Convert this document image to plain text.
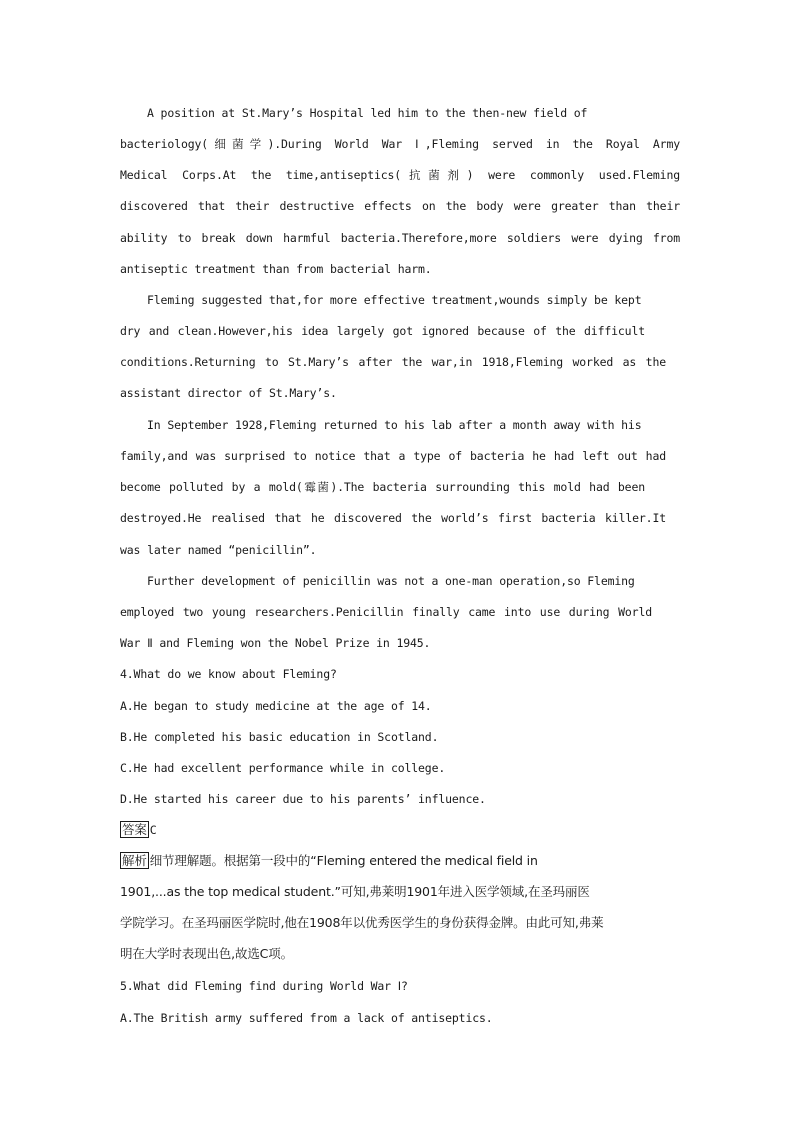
A position at St.Mary’s Hospital led him to the then-new field of
bacteriology(细菌学).During World War Ⅰ,Fleming served in the Royal Army
Medical Corps.At the time,antiseptics(抗菌剂) were commonly used.Fleming
discovered that their destructive effects on the body were greater than their
ability to break down harmful bacteria.Therefore,more soldiers were dying from
antiseptic treatment than from bacterial harm.
Fleming suggested that,for more effective treatment,wounds simply be kept
dry and clean.However,his idea largely got ignored because of the difficult
conditions.Returning to St.Mary’s after the war,in 1918,Fleming worked as the
assistant director of St.Mary’s.
In September 1928,Fleming returned to his lab after a month away with his
family,and was surprised to notice that a type of bacteria he had left out had
become polluted by a mold(霉菌).The bacteria surrounding this mold had been
destroyed.He realised that he discovered the world’s first bacteria killer.It
was later named “penicillin”.
Further development of penicillin was not a one-man operation,so Fleming
employed two young researchers.Penicillin finally came into use during World
War Ⅱ and Fleming won the Nobel Prize in 1945.
4.What do we know about Fleming?
A.He began to study medicine at the age of 14.
B.He completed his basic education in Scotland.
C.He had excellent performance while in college.
D.He started his career due to his parents’ influence.
答案 C
解析 细节理解题。根据第一段中的“Fleming entered the medical field in
1901,...as the top medical student.”可知,弗莱明1901年进入医学领域,在圣玛丽医
学院学习。在圣玛丽医学院时,他在1908年以优秀医学生的身份获得金牌。由此可知,弗莱
明在大学时表现出色,故选C项。
5.What did Fleming find during World War Ⅰ?
A.The British army suffered from a lack of antiseptics.
